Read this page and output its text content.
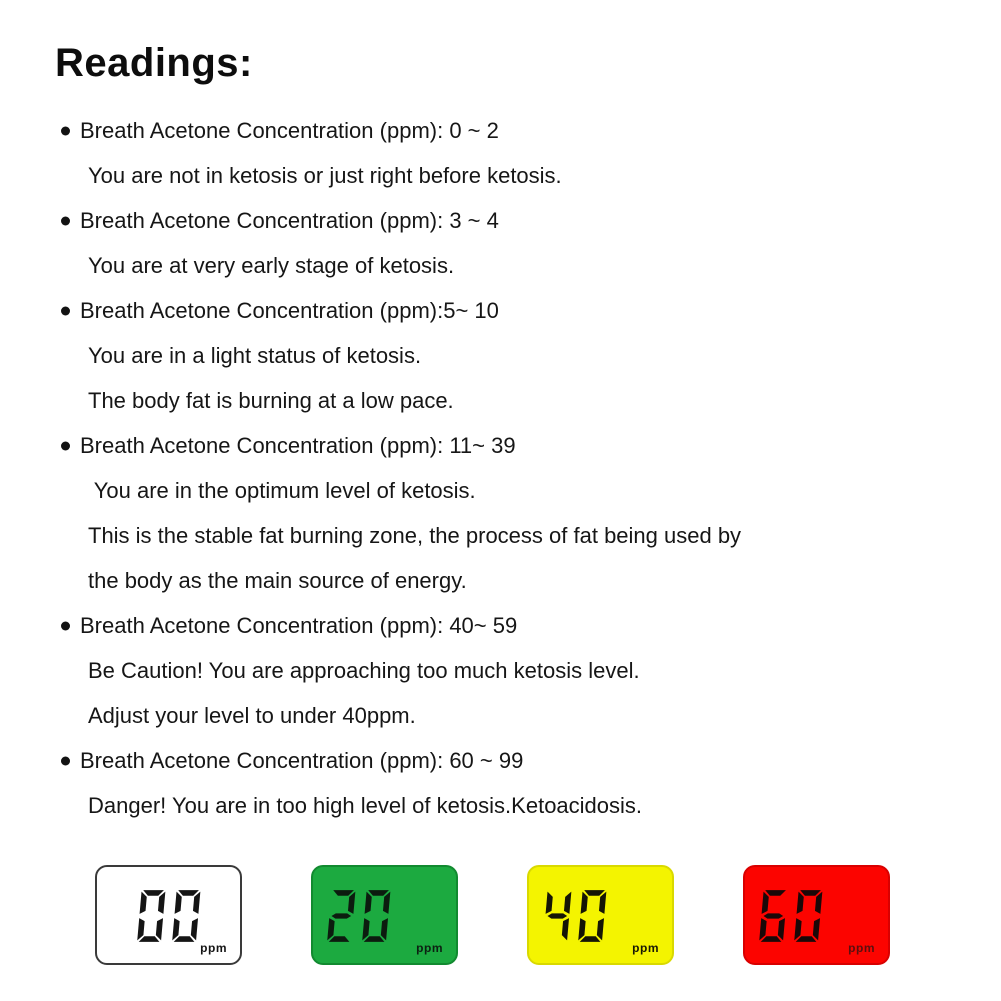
Readings:
Breath Acetone Concentration (ppm): 0 ~ 2
You are not in ketosis or just right before ketosis.
Breath Acetone Concentration (ppm): 3 ~ 4
You are at very early stage of ketosis.
Breath Acetone Concentration (ppm):5~ 10
You are in a light status of ketosis.
The body fat is burning at a low pace.
Breath Acetone Concentration (ppm): 11~ 39
You are in the optimum level of ketosis.
This is the stable fat burning zone, the process of fat being used by
the body as the main source of energy.
Breath Acetone Concentration (ppm): 40~ 59
Be Caution! You are approaching too much ketosis level.
Adjust your level to under 40ppm.
Breath Acetone Concentration (ppm): 60 ~ 99
Danger! You are in too high level of ketosis.Ketoacidosis.
ppm	ppm	ppm	ppm
